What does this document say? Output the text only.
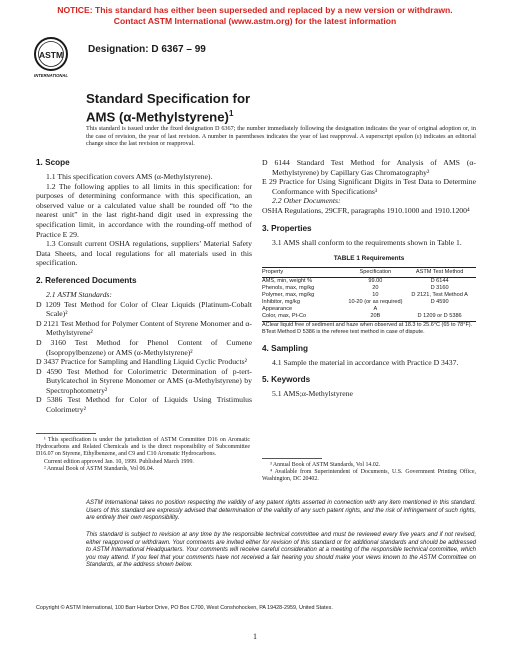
NOTICE: This standard has either been superseded and replaced by a new version or withdrawn.
Contact ASTM International (www.astm.org) for the latest information
ASTM
INTERNATIONAL
Designation: D 6367 – 99
Standard Specification for
AMS (α-Methylstyrene)$^1$
This standard is issued under the fixed designation D 6367; the number immediately following the designation indicates the year of original adoption or, in the case of revision, the year of last revision. A number in parentheses indicates the year of last reapproval. A superscript epsilon (ε) indicates an editorial change since the last revision or reapproval.
1. Scope

1.1 This specification covers AMS (α-Methylstyrene).

1.2 The following applies to all limits in this specification: for purposes of determining conformance with this specification, an observed value or a calculated value shall be rounded off “to the nearest unit” in the last right-hand digit used in expressing the specification limit, in accordance with the rounding-off method of Practice E 29.

1.3 Consult current OSHA regulations, suppliers’ Material Safety Data Sheets, and local regulations for all materials used in this specification.

2. Referenced Documents

2.1 ASTM Standards:

D 1209 Test Method for Color of Clear Liquids (Platinum-Cobalt Scale)²

D 2121 Test Method for Polymer Content of Styrene Monomer and α-Methylstyrene²

D 3160 Test Method for Phenol Content of Cumene (Isopropylbenzene) or AMS (α-Methylstyrene)²

D 3437 Practice for Sampling and Handling Liquid Cyclic Products²

D 4590 Test Method for Colorimetric Determination of p-tert-Butylcatechol in Styrene Monomer or AMS (α-Methylstyrene) by Spectrophotometry²

D 5386 Test Method for Color of Liquids Using Tristimulus Colorimetry²

D 6144 Standard Test Method for Analysis of AMS (α-Methylstyrene) by Capillary Gas Chromatography²

E 29 Practice for Using Significant Digits in Test Data to Determine Conformance with Specifications³

2.2 Other Documents:

OSHA Regulations, 29CFR, paragraphs 1910.1000 and 1910.1200⁴

3. Properties

3.1 AMS shall conform to the requirements shown in Table 1.

TABLE 1 Requirements
Property	Specification	ASTM Test Method
AMS, min, weight %	99.00	D 6144
Phenols, max, mg/kg	20	D 3160
Polymer, max, mg/kg	10	D 2121, Test Method A
Inhibitor, mg/kg	10-20 (or as required)	D 4590
Appearance	A	
Color, max, Pt-Co	20B	D 1209 or D 5386

AClear liquid free of sediment and haze when observed at 18.3 to 25.6°C (65 to 78°F).

BTest Method D 5386 is the referee test method in case of dispute.

4. Sampling

4.1 Sample the material in accordance with Practice D 3437.

5. Keywords

5.1 AMS;α-Methylstyrene

¹ This specification is under the jurisdiction of ASTM Committee D16 on Aromatic Hydrocarbons and Related Chemicals and is the direct responsibility of Subcommittee D16.07 on Styrene, Ethylbenzene, and C9 and C10 Aromatic Hydrocarbons.

Current edition approved Jan. 10, 1999. Published March 1999.

² Annual Book of ASTM Standards, Vol 06.04.

³ Annual Book of ASTM Standards, Vol 14.02.

⁴ Available from Superintendent of Documents, U.S. Government Printing Office, Washington, DC 20402.

ASTM International takes no position respecting the validity of any patent rights asserted in connection with any item mentioned in this standard. Users of this standard are expressly advised that determination of the validity of any such patent rights, and the risk of infringement of such rights, are entirely their own responsibility.
This standard is subject to revision at any time by the responsible technical committee and must be reviewed every five years and if not revised, either reapproved or withdrawn. Your comments are invited either for revision of this standard or for additional standards and should be addressed to ASTM International Headquarters. Your comments will receive careful consideration at a meeting of the responsible technical committee, which you may attend. If you feel that your comments have not received a fair hearing you should make your views known to the ASTM Committee on Standards, at the address shown below.
Copyright © ASTM International, 100 Barr Harbor Drive, PO Box C700, West Conshohocken, PA 19428-2959, United States.
1
